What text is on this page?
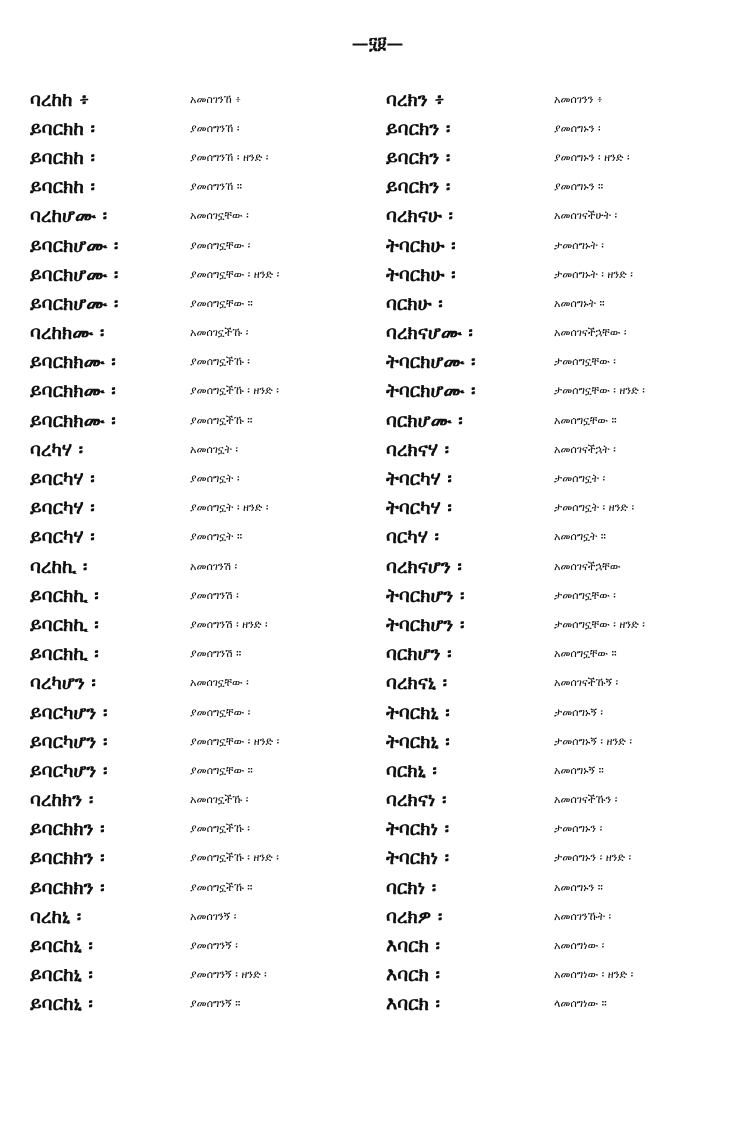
—፶፱—
ባረከከ ፥	አመስገንኸ ፥	ባረክን ፥	አመሰገንን ፥
ይባርክከ ፡	ያመሰግንኸ ፡	ይባርክን ፡	ያመሰግኑን ፡
ይባርክከ ፡	ያመሰግንኸ ፡ ዘንድ ፡	ይባርክን ፡	ያመሰግኑን ፡ ዘንድ ፡
ይባርክከ ፡	ያመሰግንኸ ።	ይባርክን ፡	ያመሰግኑን ።
ባረከሆሙ ፡	አመሰገኗቸው ፡	ባረክናሁ ፡	አመሰገናችሁት ፡
ይባርክሆሙ ፡	ያመሰግኗቸው ፡	ትባርክሁ ፡	ታመሰግኑት ፡
ይባርክሆሙ ፡	ያመሰግኗቸው ፡ ዘንድ ፡	ትባርክሁ ፡	ታመሰግኑት ፡ ዘንድ ፡
ይባርክሆሙ ፡	ያመሰግኗቸው ።	ባርክሁ ፡	አመሰግኑት ።
ባረከክሙ ፡	አመሰገኗችኹ ፡	ባረክናሆሙ ፡	አመሰገናችኋቸው ፡
ይባርክክሙ ፡	ያመሰግኗችኹ ፡	ትባርክሆሙ ፡	ታመሰግኗቸው ፡
ይባርክክሙ ፡	ያመሰግኗችኹ ፡ ዘንድ ፡	ትባርክሆሙ ፡	ታመሰግኗቸው ፡ ዘንድ ፡
ይባርክክሙ ፡	ያመሰግኗችኹ ።	ባርክሆሙ ፡	አመሰግኗቸው ።
ባረካሃ ፡	አመሰገኗት ፡	ባረክናሃ ፡	አመሰገናችኋት ፡
ይባርካሃ ፡	ያመሰግኗት ፡	ትባርካሃ ፡	ታመሰግኗት ፡
ይባርካሃ ፡	ያመሰግኗት ፡ ዘንድ ፡	ትባርካሃ ፡	ታመሰግኗት ፡ ዘንድ ፡
ይባርካሃ ፡	ያመሰግኗት ።	ባርካሃ ፡	አመሰግኗት ።
ባረከኪ ፡	አመሰገንሽ ፡	ባረክናሆን ፡	አመሰገናችኋቸው
ይባርክኪ ፡	ያመሰግንሽ ፡	ትባርክሆን ፡	ታመሰግኗቸው ፡
ይባርክኪ ፡	ያመሰግንሽ ፡ ዘንድ ፡	ትባርክሆን ፡	ታመሰግኗቸው ፡ ዘንድ ፡
ይባርክኪ ፡	ያመሰግንሽ ።	ባርክሆን ፡	አመሰግኗቸው ።
ባረካሆን ፡	አመሰገኗቸው ፡	ባረክናኒ ፡	አመሰገናችኹኝ ፡
ይባርካሆን ፡	ያመሰግኗቸው ፡	ትባርክኒ ፡	ታመሰግኑኝ ፡
ይባርካሆን ፡	ያመሰግኗቸው ፡ ዘንድ ፡	ትባርክኒ ፡	ታመሰግኑኝ ፡ ዘንድ ፡
ይባርካሆን ፡	ያመሰግኗቸው ።	ባርክኒ ፡	አመሰግኑኝ ።
ባረከክን ፡	አመሰገኗችኹ ፡	ባረክናነ ፡	አመሰገናችኹን ፡
ይባርክክን ፡	ያመሰግኗችኹ ፡	ትባርክነ ፡	ታመሰግኑን ፡
ይባርክክን ፡	ያመሰግኗችኹ ፡ ዘንድ ፡	ትባርክነ ፡	ታመሰግኑን ፡ ዘንድ ፡
ይባርክክን ፡	ያመሰግኗችኹ ።	ባርክነ ፡	አመሰግኑን ።
ባረከኒ ፡	አመሰገንኝ ፡	ባረክዎ ፡	አመሰገንኹት ፡
ይባርከኒ ፡	ያመሰግንኝ ፡	እባርክ ፡	አመሰግነው ፡
ይባርከኒ ፡	ያመሰግንኝ ፡ ዘንድ ፡	እባርክ ፡	አመሰግነው ፡ ዘንድ ፡
ይባርከኒ ፡	ያመሰግንኝ ።	እባርክ ፡	ላመሰግነው ።
